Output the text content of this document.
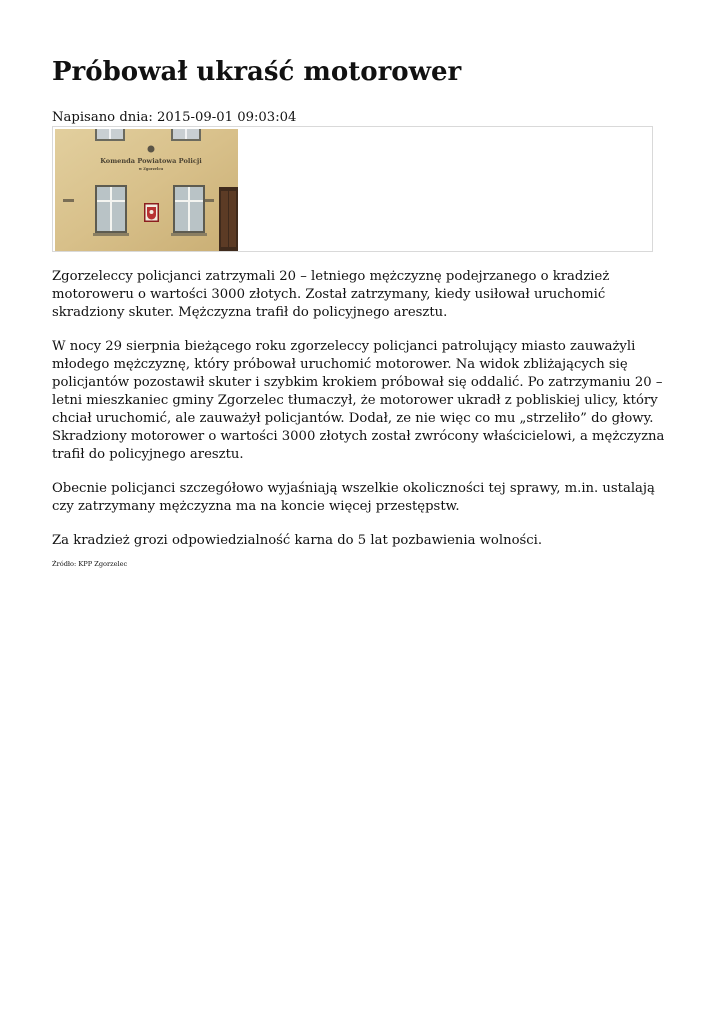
Próbował ukraść motorower
Napisano dnia: 2015-09-01 09:03:04
Komenda Powiatowa Policji
w Zgorzelcu

Zgorzeleccy policjanci zatrzymali 20 – letniego mężczyznę podejrzanego o kradzież motoroweru o wartości 3000 złotych. Został zatrzymany, kiedy usiłował uruchomić skradziony skuter. Mężczyzna trafił do policyjnego aresztu.

W nocy 29 sierpnia bieżącego roku zgorzeleccy policjanci patrolujący miasto zauważyli młodego mężczyznę, który próbował uruchomić motorower. Na widok zbliżających się policjantów pozostawił skuter i szybkim krokiem próbował się oddalić. Po zatrzymaniu 20 – letni mieszkaniec gminy Zgorzelec tłumaczył, że motorower ukradł z pobliskiej ulicy, który chciał uruchomić, ale zauważył policjantów. Dodał, ze nie więc co mu „strzeliło” do głowy. Skradziony motorower o wartości 3000 złotych został zwrócony właścicielowi, a mężczyzna trafił do policyjnego aresztu.

Obecnie policjanci szczegółowo wyjaśniają wszelkie okoliczności tej sprawy, m.in. ustalają czy zatrzymany mężczyzna ma na koncie więcej przestępstw.

Za kradzież grozi odpowiedzialność karna do 5 lat pozbawienia wolności.

Źródło: KPP Zgorzelec
